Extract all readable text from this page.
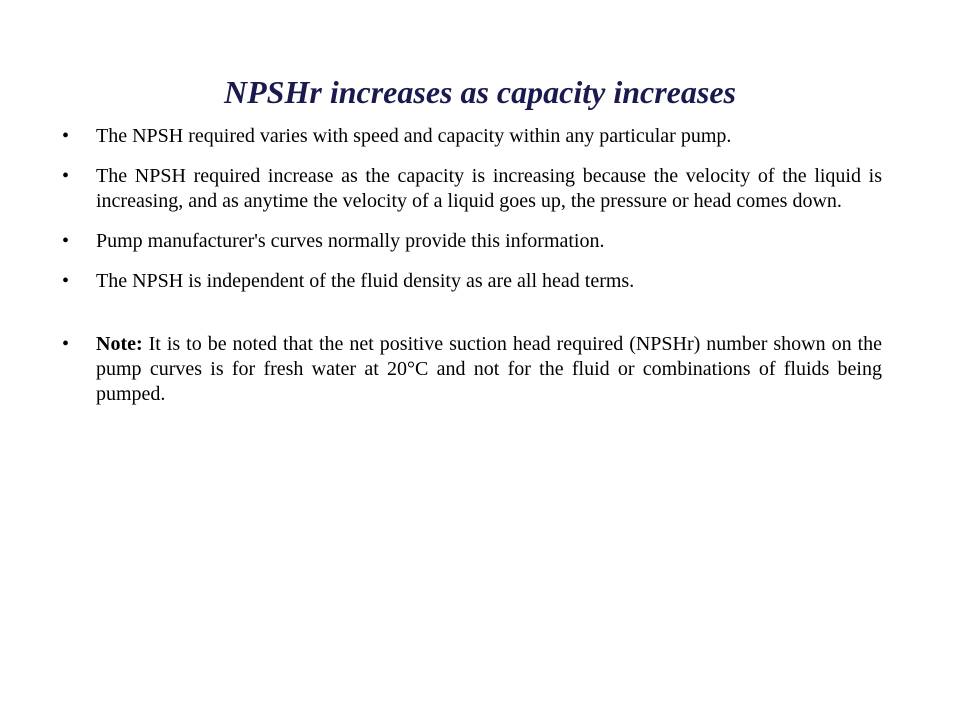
NPSHr increases as capacity increases
• The NPSH required varies with speed and capacity within any particular pump.
• The NPSH required increase as the capacity is increasing because the velocity of the liquid is increasing, and as anytime the velocity of a liquid goes up, the pressure or head comes down.
• Pump manufacturer's curves normally provide this information.
• The NPSH is independent of the fluid density as are all head terms.
• Note: It is to be noted that the net positive suction head required (NPSHr) number shown on the pump curves is for fresh water at 20°C and not for the fluid or combinations of fluids being pumped.
